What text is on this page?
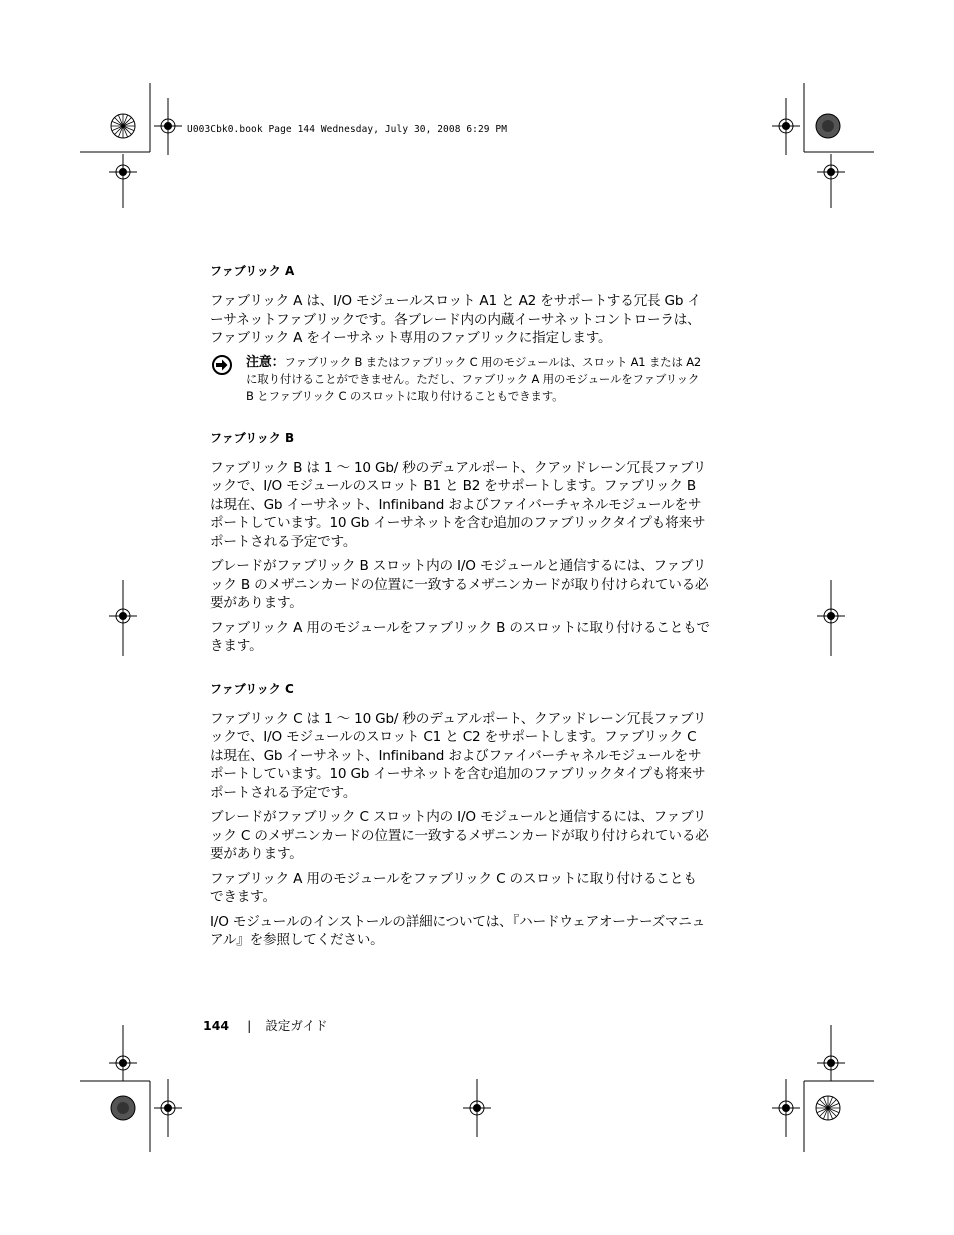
U003Cbk0.book Page 144 Wednesday, July 30, 2008 6:29 PM
ファブリック A

ファブリック A は、I/O モジュールスロット A1 と A2 をサポートする冗長 Gb イーサネットファブリックです。各ブレード内の内蔵イーサネットコントローラは、ファブリック A をイーサネット専用のファブリックに指定します。

注意：ファブリック B またはファブリック C 用のモジュールは、スロット A1 または A2 に取り付けることができません。ただし、ファブリック A 用のモジュールをファブリック B とファブリック C のスロットに取り付けることもできます。
ファブリック B

ファブリック B は 1 〜 10 Gb/ 秒のデュアルポート、クアッドレーン冗長ファブリックで、I/O モジュールのスロット B1 と B2 をサポートします。ファブリック B は現在、Gb イーサネット、Infiniband およびファイバーチャネルモジュールをサポートしています。10 Gb イーサネットを含む追加のファブリックタイプも将来サポートされる予定です。

ブレードがファブリック B スロット内の I/O モジュールと通信するには、ファブリック B のメザニンカードの位置に一致するメザニンカードが取り付けられている必要があります。

ファブリック A 用のモジュールをファブリック B のスロットに取り付けることもできます。

ファブリック C

ファブリック C は 1 〜 10 Gb/ 秒のデュアルポート、クアッドレーン冗長ファブリックで、I/O モジュールのスロット C1 と C2 をサポートします。ファブリック C は現在、Gb イーサネット、Infiniband およびファイバーチャネルモジュールをサポートしています。10 Gb イーサネットを含む追加のファブリックタイプも将来サポートされる予定です。

ブレードがファブリック C スロット内の I/O モジュールと通信するには、ファブリック C のメザニンカードの位置に一致するメザニンカードが取り付けられている必要があります。

ファブリック A 用のモジュールをファブリック C のスロットに取り付けることもできます。

I/O モジュールのインストールの詳細については、『ハードウェアオーナーズマニュアル』を参照してください。

144 | 設定ガイド
